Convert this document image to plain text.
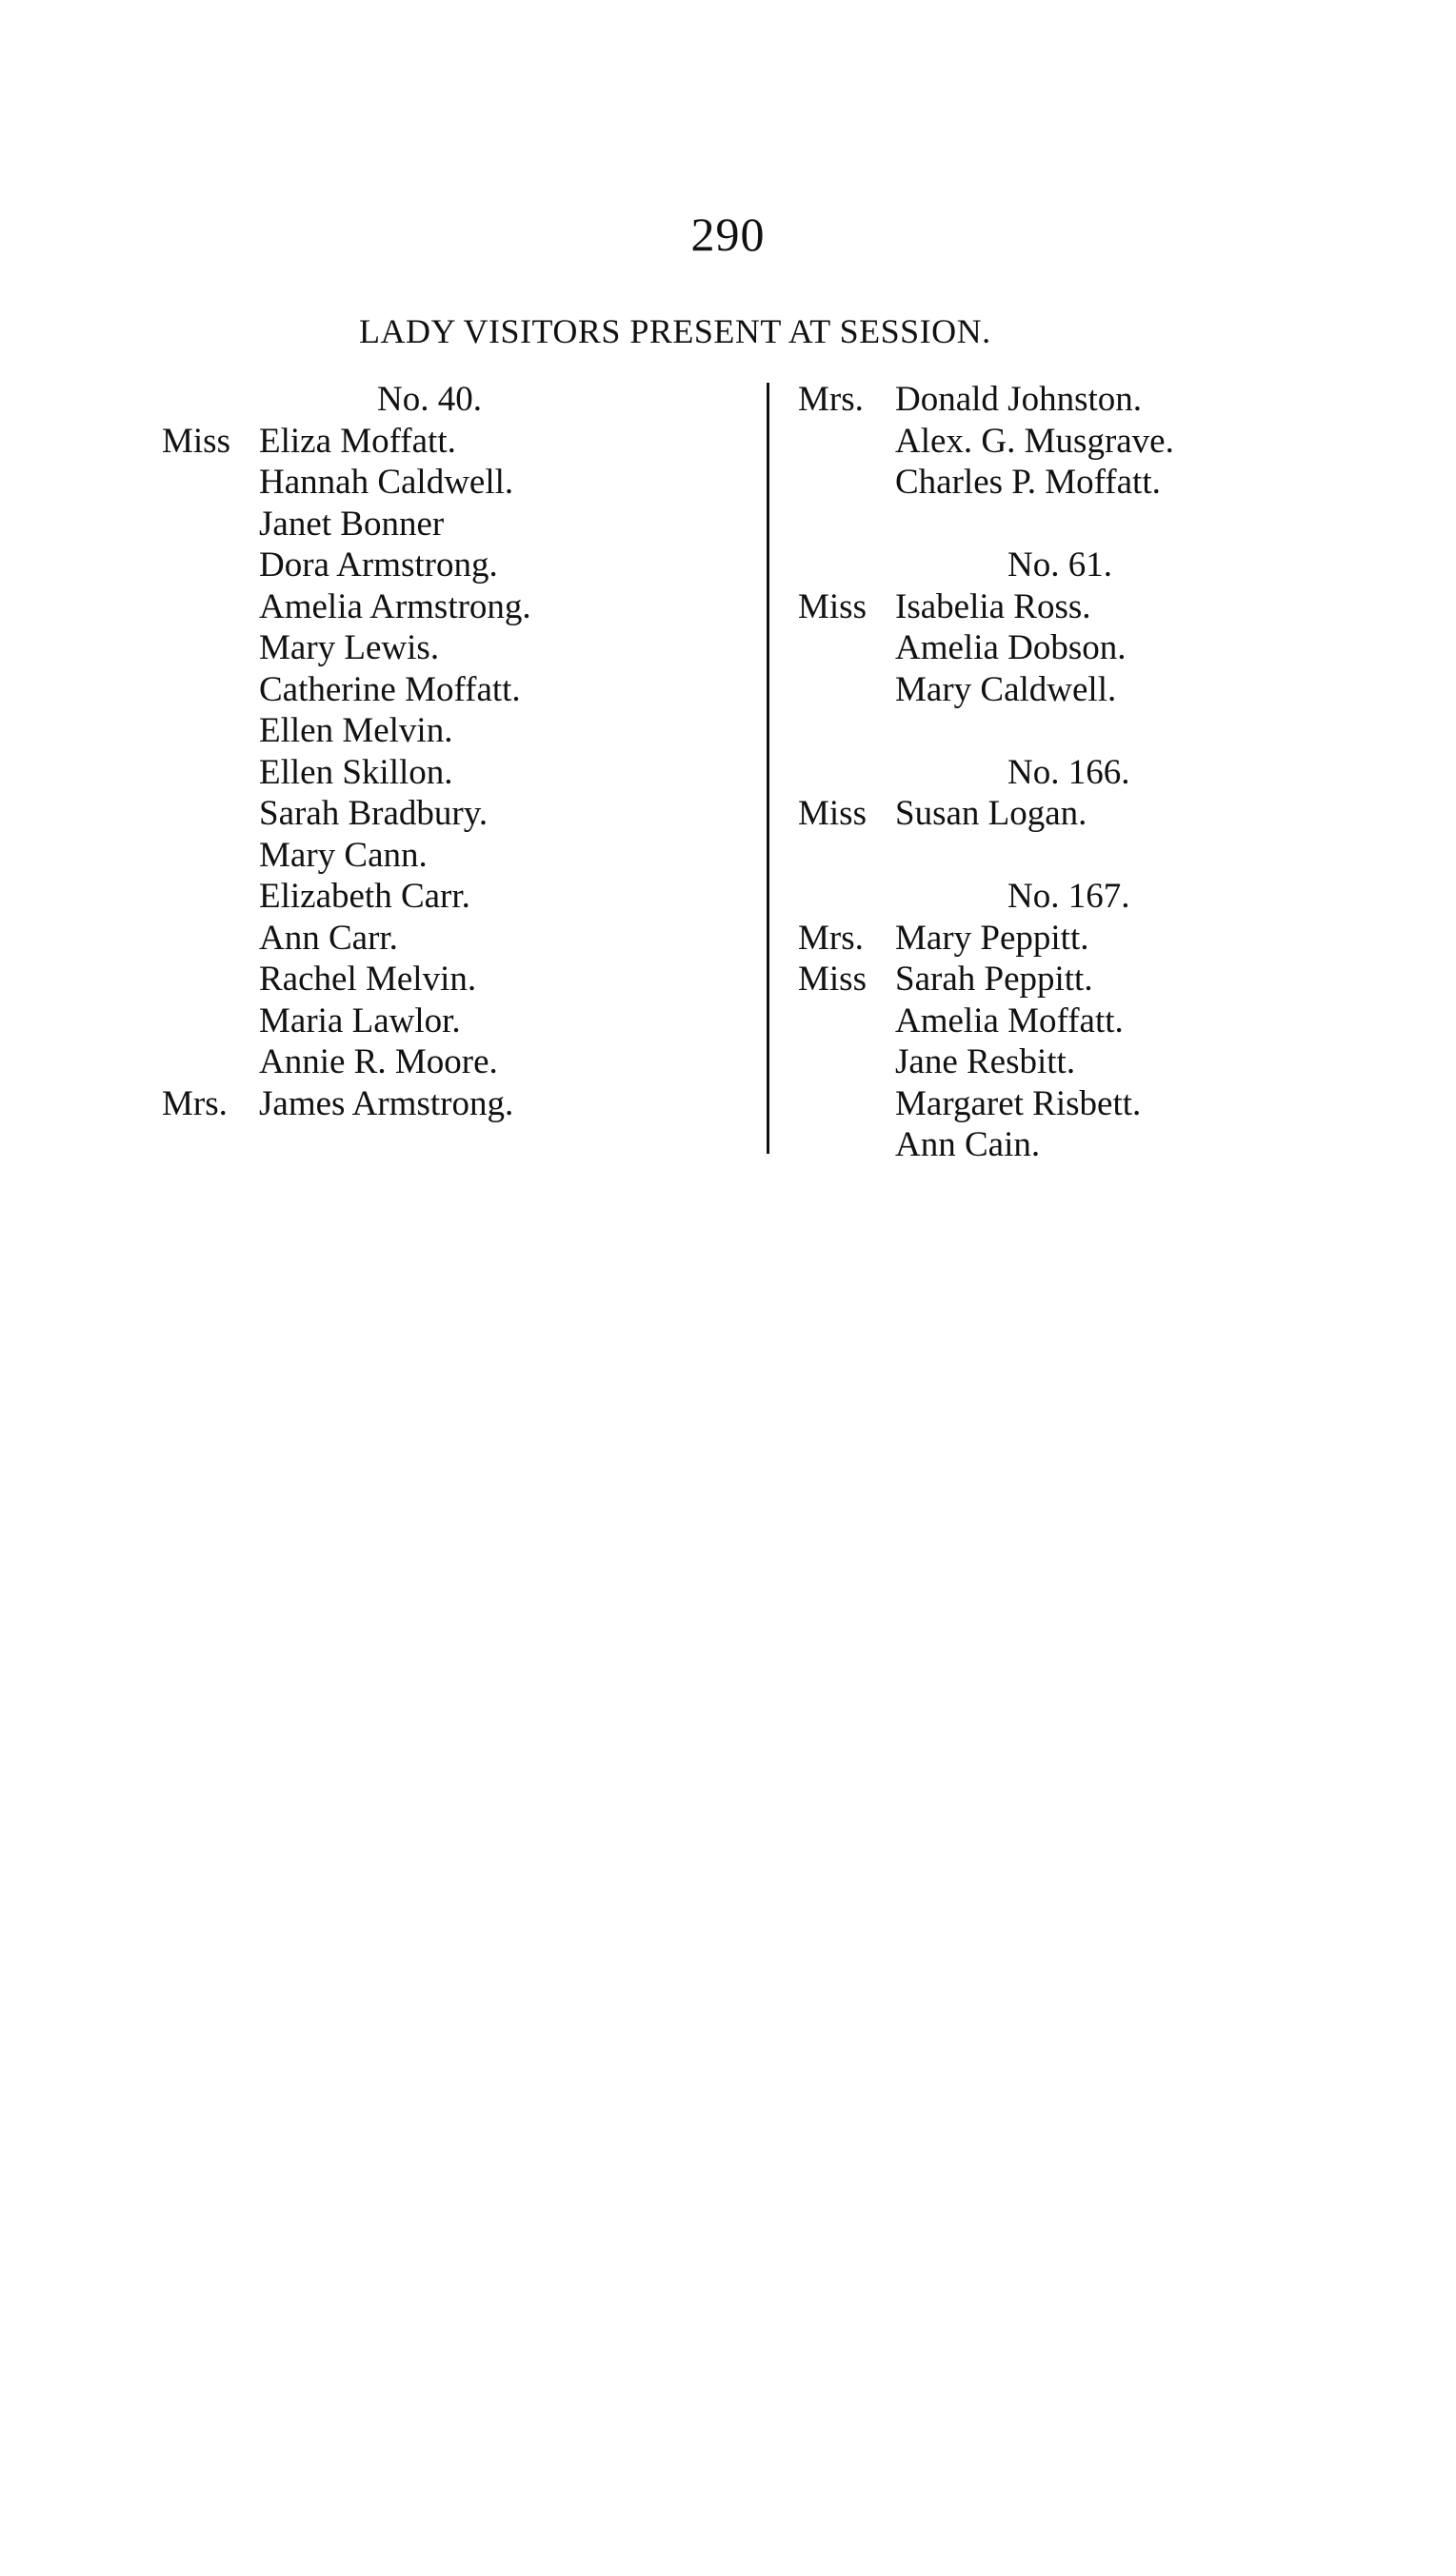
290
LADY VISITORS PRESENT AT SESSION.
No. 40.
Miss Eliza Moffatt.
Hannah Caldwell.
Janet Bonner
Dora Armstrong.
Amelia Armstrong.
Mary Lewis.
Catherine Moffatt.
Ellen Melvin.
Ellen Skillon.
Sarah Bradbury.
Mary Cann.
Elizabeth Carr.
Ann Carr.
Rachel Melvin.
Maria Lawlor.
Annie R. Moore.
Mrs. James Armstrong.
Mrs. Donald Johnston.
Alex. G. Musgrave.
Charles P. Moffatt.
No. 61.
Miss Isabelia Ross.
Amelia Dobson.
Mary Caldwell.
No. 166.
Miss Susan Logan.
No. 167.
Mrs. Mary Peppitt.
Miss Sarah Peppitt.
Amelia Moffatt.
Jane Resbitt.
Margaret Risbett.
Ann Cain.
